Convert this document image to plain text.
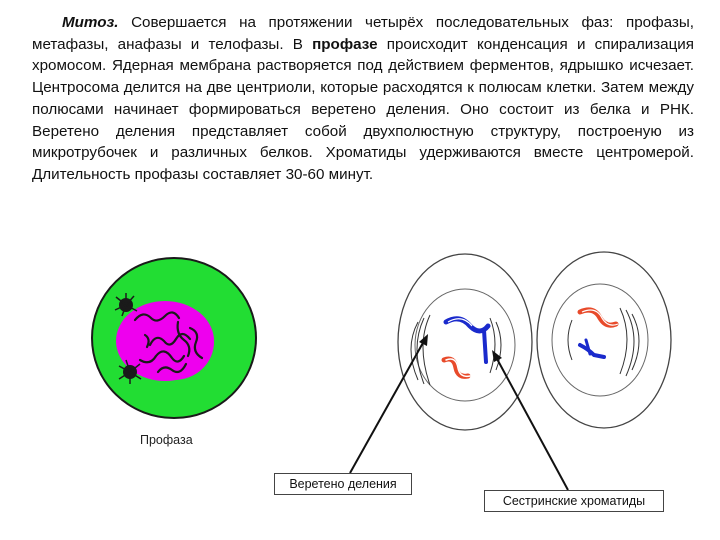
Митоз. Совершается на протяжении четырёх последовательных фаз: профазы, метафазы, анафазы и телофазы. В профазе происходит конденсация и спирализация хромосом. Ядерная мембрана растворяется под действием ферментов, ядрышко исчезает. Центросома делится на две центриоли, которые расходятся к полюсам клетки. Затем между полюсами начинает формироваться веретено деления. Оно состоит из белка и РНК. Веретено деления представляет собой двухполюстную структуру, построеную из микротрубочек и различных белков. Хроматиды удерживаются вместе центромерой. Длительность профазы составляет 30-60 минут.
Профаза
Веретено деления
Сестринские хроматиды
